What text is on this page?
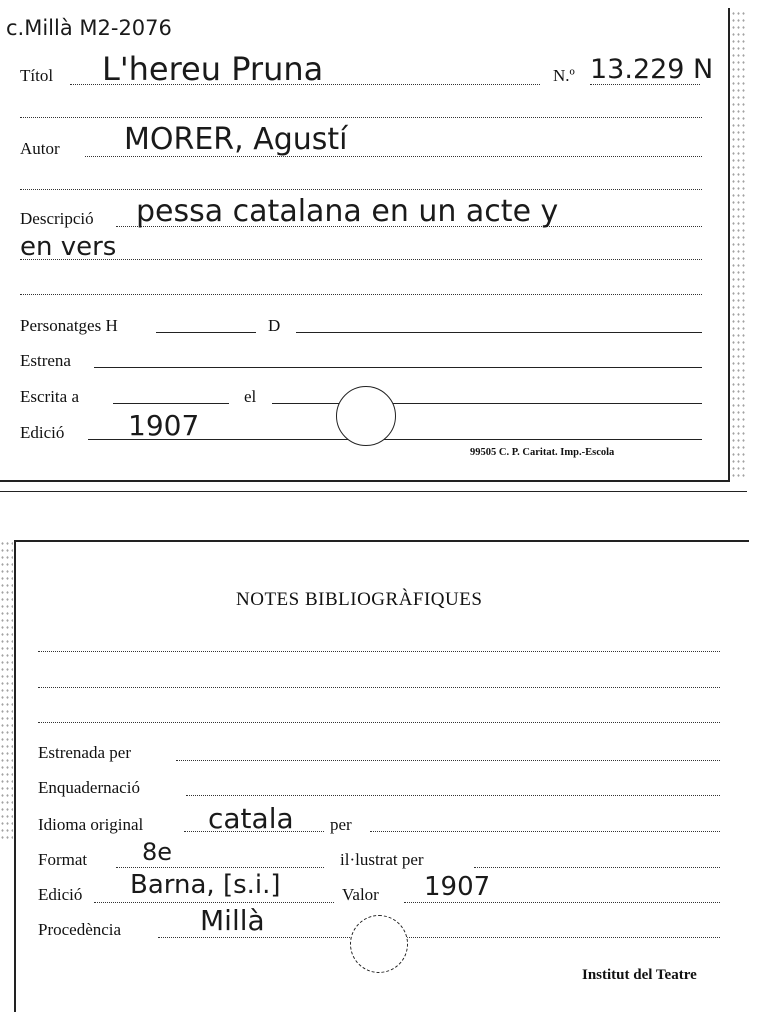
c.Millà M2-2076
Títol L'hereu Pruna	N.º 13.229 N
Autor MORER, Agustí
Descripció pessa catalana en un acte y
en vers
Personatges H	D
Estrena
Escrita a	el
Edició 1907
99505 C. P. Caritat. Imp.-Escola
NOTES BIBLIOGRÀFIQUES
Estrenada per
Enquadernació
Idioma original catala per
Format 8e	il·lustrat per
Edició Barna, [s.i.]	Valor 1907
Procedència	Millà
Institut del Teatre
